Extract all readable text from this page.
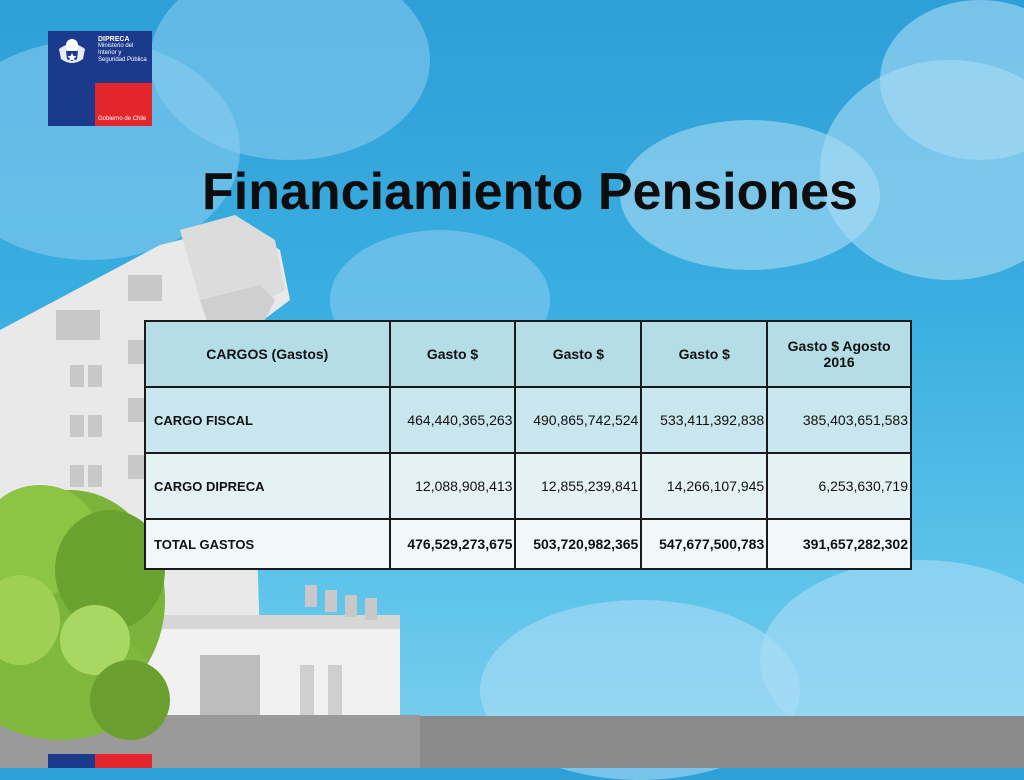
DIPRECA
Ministerio del Interior y Seguridad Pública
Gobierno de Chile
Financiamiento Pensiones
CARGOS (Gastos)	Gasto $	Gasto $	Gasto $	Gasto $ Agosto 2016
CARGO FISCAL	464,440,365,263	490,865,742,524	533,411,392,838	385,403,651,583
CARGO DIPRECA	12,088,908,413	12,855,239,841	14,266,107,945	6,253,630,719
TOTAL GASTOS	476,529,273,675	503,720,982,365	547,677,500,783	391,657,282,302
